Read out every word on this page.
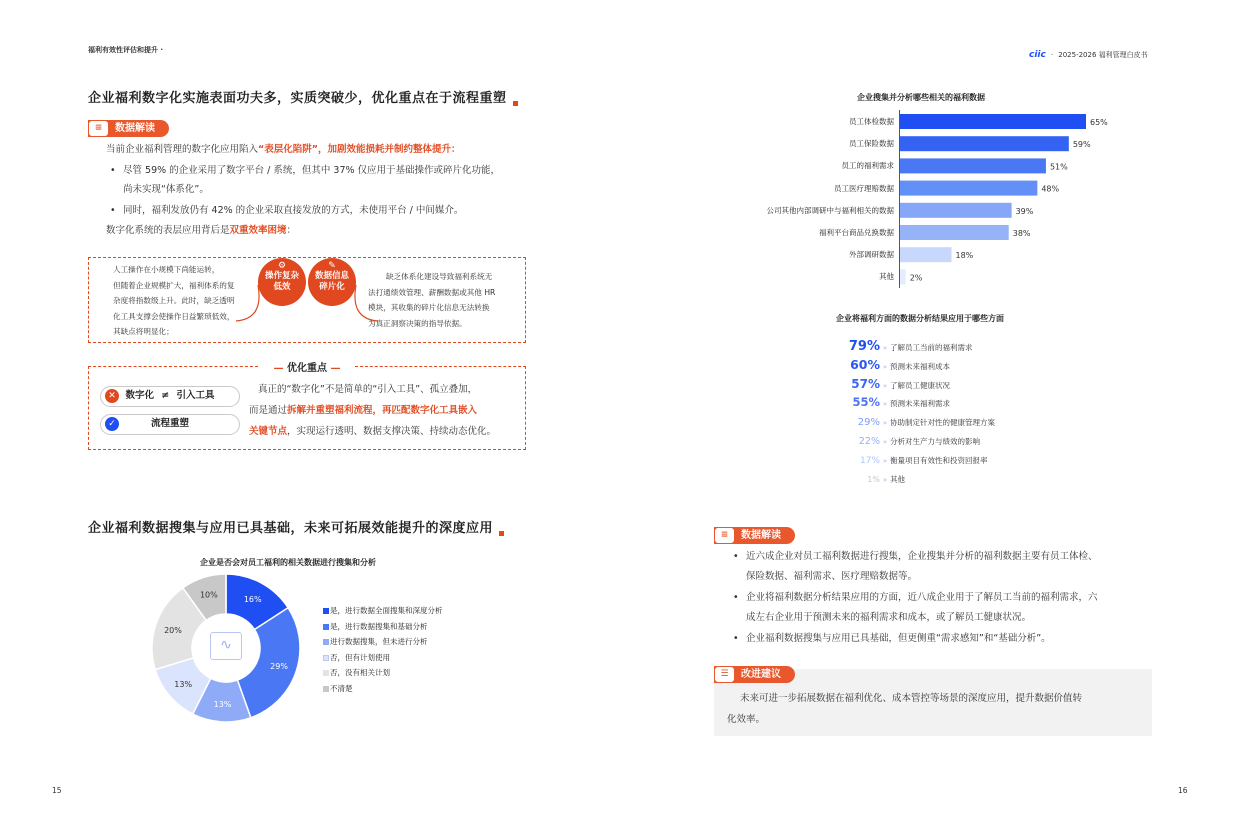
福利有效性评估和提升 ·	ciic · 2025-2026 福利管理白皮书
企业福利数字化实施表面功夫多，实质突破少，优化重点在于流程重塑
≡	数据解读
当前企业福利管理的数字化应用陷入“表层化陷阱”，加剧效能损耗并制约整体提升：
• 尽管 59% 的企业采用了数字平台 / 系统，但其中 37% 仅应用于基础操作或碎片化功能，
尚未实现“体系化”。
• 同时，福利发放仍有 42% 的企业采取直接发放的方式，未使用平台 / 中间媒介。
数字化系统的表层应用背后是双重效率困境：
人工操作在小规模下尚能运转，
但随着企业规模扩大，福利体系的复
杂度将指数级上升。此时，缺乏透明
化工具支撑会使操作日益繁琐低效，
其缺点将明显化；
⚙
操作复杂
低效
✎
数据信息
碎片化
缺乏体系化建设导致福利系统无
法打通绩效管理、薪酬数据或其他 HR
模块，其收集的碎片化信息无法转换
为真正洞察决策的指导依据。
— 优化重点 —
✕	数字化 ≠ 引入工具
✓	流程重塑
真正的“数字化”不是简单的“引入工具”、孤立叠加，
而是通过拆解并重塑福利流程，再匹配数字化工具嵌入
关键节点，实现运行透明、数据支撑决策、持续动态优化。
企业福利数据搜集与应用已具基础，未来可拓展效能提升的深度应用
企业是否会对员工福利的相关数据进行搜集和分析
16%
29%
13%
13%
20%
10%
∿
是，进行数据全面搜集和深度分析
是，进行数据搜集和基础分析
进行数据搜集，但未进行分析
否，但有计划使用
否，没有相关计划
不清楚
15
企业搜集并分析哪些相关的福利数据
65%
59%
51%
48%
39%
38%
18%
2%
员工体检数据
员工保险数据
员工的福利需求
员工医疗理赔数据
公司其他内部调研中与福利相关的数据
福利平台商品兑换数据
外部调研数据
其他
企业将福利方面的数据分析结果应用于哪些方面
79% » 了解员工当前的福利需求
60% » 预测未来福利成本
57% » 了解员工健康状况
55% » 预测未来福利需求
29% » 协助制定针对性的健康管理方案
22% » 分析对生产力与绩效的影响
17% » 衡量项目有效性和投资回报率
1% » 其他
≡	数据解读
• 近六成企业对员工福利数据进行搜集，企业搜集并分析的福利数据主要有员工体检、
保险数据、福利需求、医疗理赔数据等。
• 企业将福利数据分析结果应用的方面，近八成企业用于了解员工当前的福利需求，六
成左右企业用于预测未来的福利需求和成本，或了解员工健康状况。
• 企业福利数据搜集与应用已具基础，但更侧重“需求感知”和“基础分析”。
☰	改进建议
未来可进一步拓展数据在福利优化、成本管控等场景的深度应用，提升数据价值转
化效率。
16
